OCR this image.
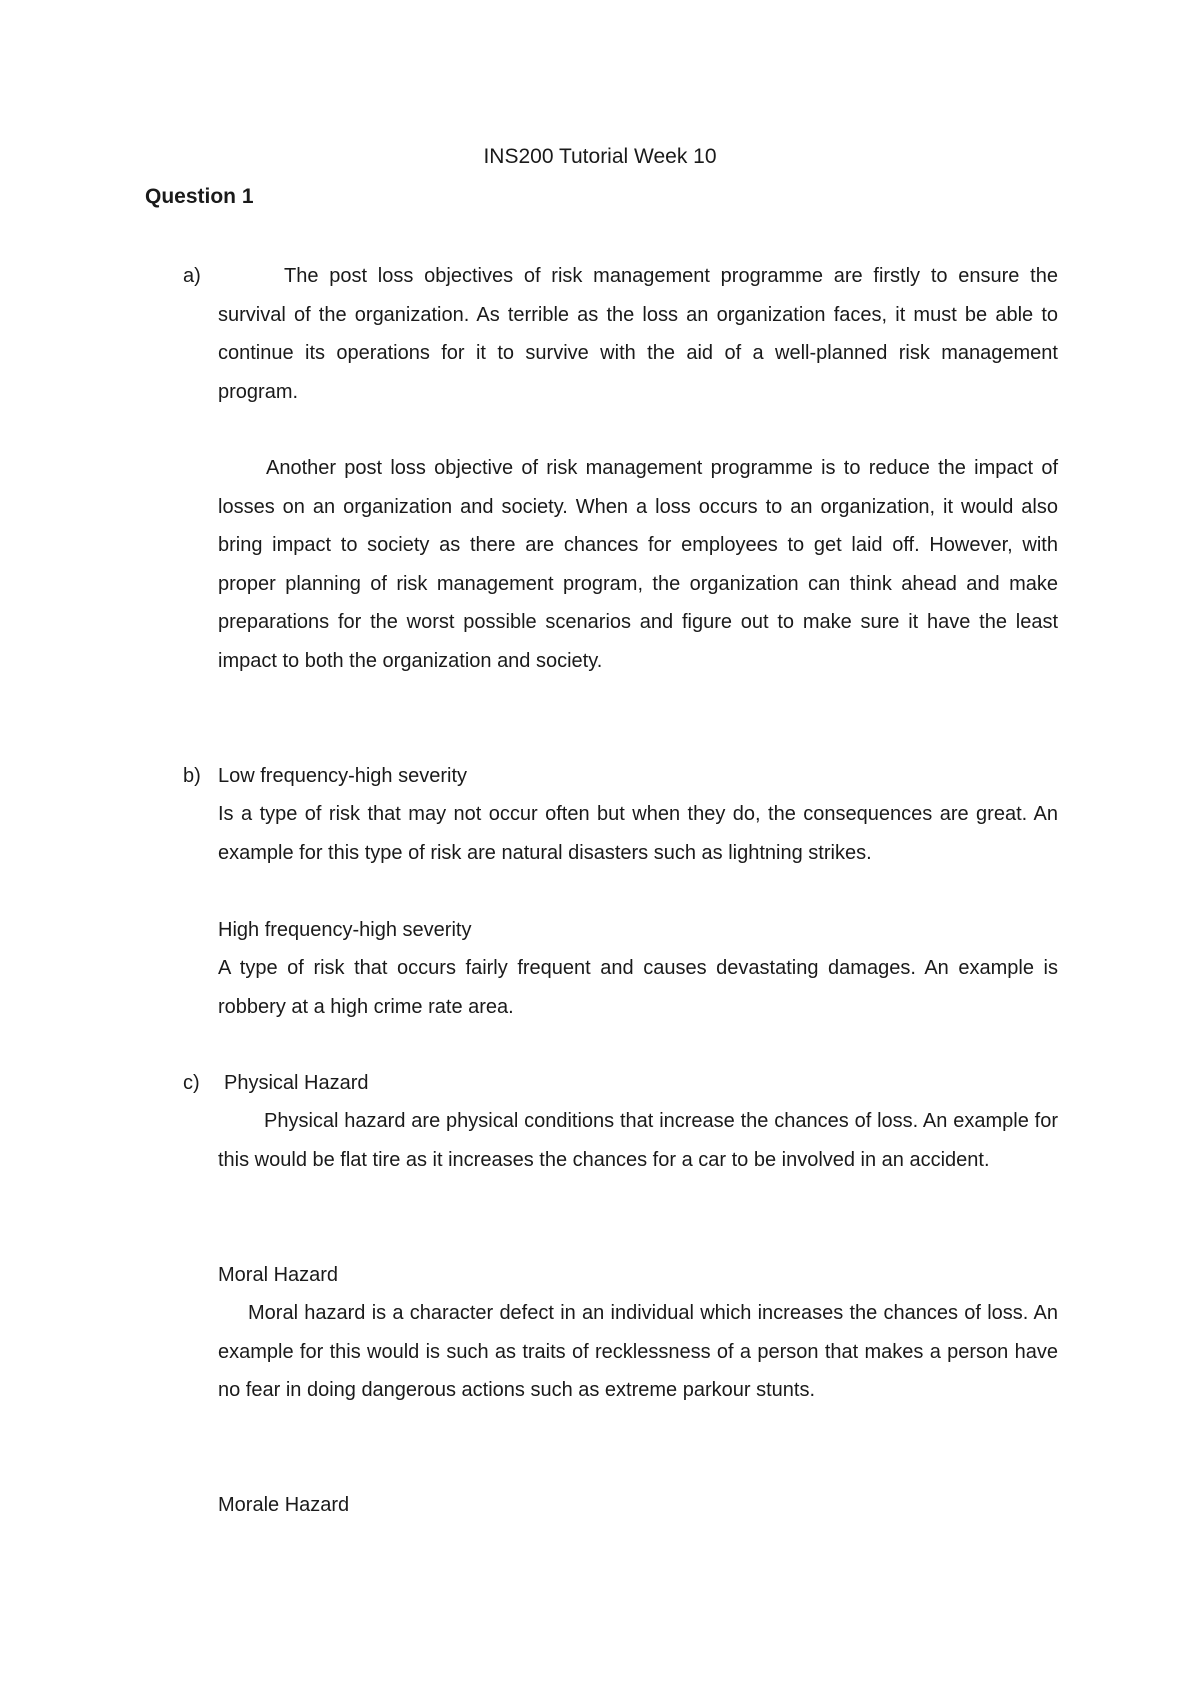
INS200 Tutorial Week 10
Question 1
a)	The post loss objectives of risk management programme are firstly to ensure the survival of the organization. As terrible as the loss an organization faces, it must be able to continue its operations for it to survive with the aid of a well-planned risk management program.

Another post loss objective of risk management programme is to reduce the impact of losses on an organization and society. When a loss occurs to an organization, it would also bring impact to society as there are chances for employees to get laid off. However, with proper planning of risk management program, the organization can think ahead and make preparations for the worst possible scenarios and figure out to make sure it have the least impact to both the organization and society.

b) Low frequency-high severity

Is a type of risk that may not occur often but when they do, the consequences are great. An example for this type of risk are natural disasters such as lightning strikes.

High frequency-high severity

A type of risk that occurs fairly frequent and causes devastating damages. An example is robbery at a high crime rate area.

c)	Physical Hazard

Physical hazard are physical conditions that increase the chances of loss. An example for this would be flat tire as it increases the chances for a car to be involved in an accident.

Moral Hazard

Moral hazard is a character defect in an individual which increases the chances of loss. An example for this would is such as traits of recklessness of a person that makes a person have no fear in doing dangerous actions such as extreme parkour stunts.

Morale Hazard
